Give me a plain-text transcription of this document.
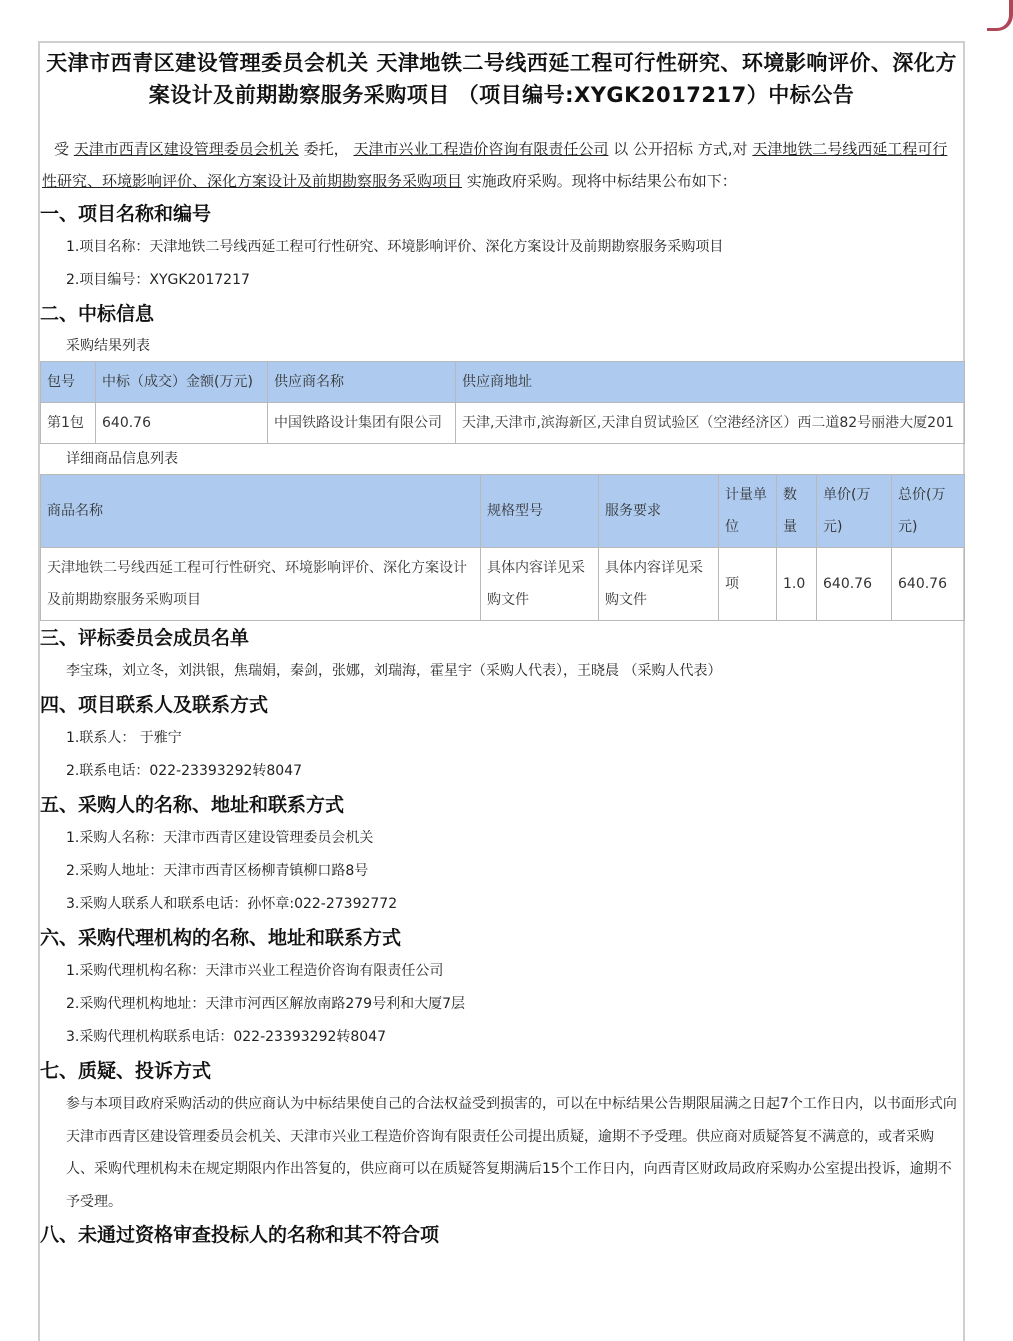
天津市西青区建设管理委员会机关 天津地铁二号线西延工程可行性研究、环境影响评价、深化方案设计及前期勘察服务采购项目 （项目编号:XYGK2017217）中标公告
受 天津市西青区建设管理委员会机关 委托， 天津市兴业工程造价咨询有限责任公司 以 公开招标 方式,对 天津地铁二号线西延工程可行性研究、环境影响评价、深化方案设计及前期勘察服务采购项目 实施政府采购。现将中标结果公布如下：
一、项目名称和编号
1.项目名称：天津地铁二号线西延工程可行性研究、环境影响评价、深化方案设计及前期勘察服务采购项目
2.项目编号：XYGK2017217
二、中标信息
采购结果列表
包号	中标（成交）金额(万元)	供应商名称	供应商地址
第1包	640.76	中国铁路设计集团有限公司	天津,天津市,滨海新区,天津自贸试验区（空港经济区）西二道82号丽港大厦201
详细商品信息列表
商品名称	规格型号	服务要求	计量单位	数量	单价(万元)	总价(万元)
天津地铁二号线西延工程可行性研究、环境影响评价、深化方案设计及前期勘察服务采购项目	具体内容详见采购文件	具体内容详见采购文件	项	1.0	640.76	640.76
三、评标委员会成员名单
李宝珠，刘立冬，刘洪银，焦瑞娟，秦剑，张娜，刘瑞海，霍星宇（采购人代表），王晓晨 （采购人代表）
四、项目联系人及联系方式
1.联系人： 于雅宁
2.联系电话：022-23393292转8047
五、采购人的名称、地址和联系方式
1.采购人名称：天津市西青区建设管理委员会机关
2.采购人地址：天津市西青区杨柳青镇柳口路8号
3.采购人联系人和联系电话：孙怀章:022-27392772
六、采购代理机构的名称、地址和联系方式
1.采购代理机构名称：天津市兴业工程造价咨询有限责任公司
2.采购代理机构地址：天津市河西区解放南路279号利和大厦7层
3.采购代理机构联系电话：022-23393292转8047
七、质疑、投诉方式
参与本项目政府采购活动的供应商认为中标结果使自己的合法权益受到损害的，可以在中标结果公告期限届满之日起7个工作日内，以书面形式向天津市西青区建设管理委员会机关、天津市兴业工程造价咨询有限责任公司提出质疑，逾期不予受理。供应商对质疑答复不满意的，或者采购人、采购代理机构未在规定期限内作出答复的，供应商可以在质疑答复期满后15个工作日内，向西青区财政局政府采购办公室提出投诉，逾期不予受理。
八、未通过资格审查投标人的名称和其不符合项
